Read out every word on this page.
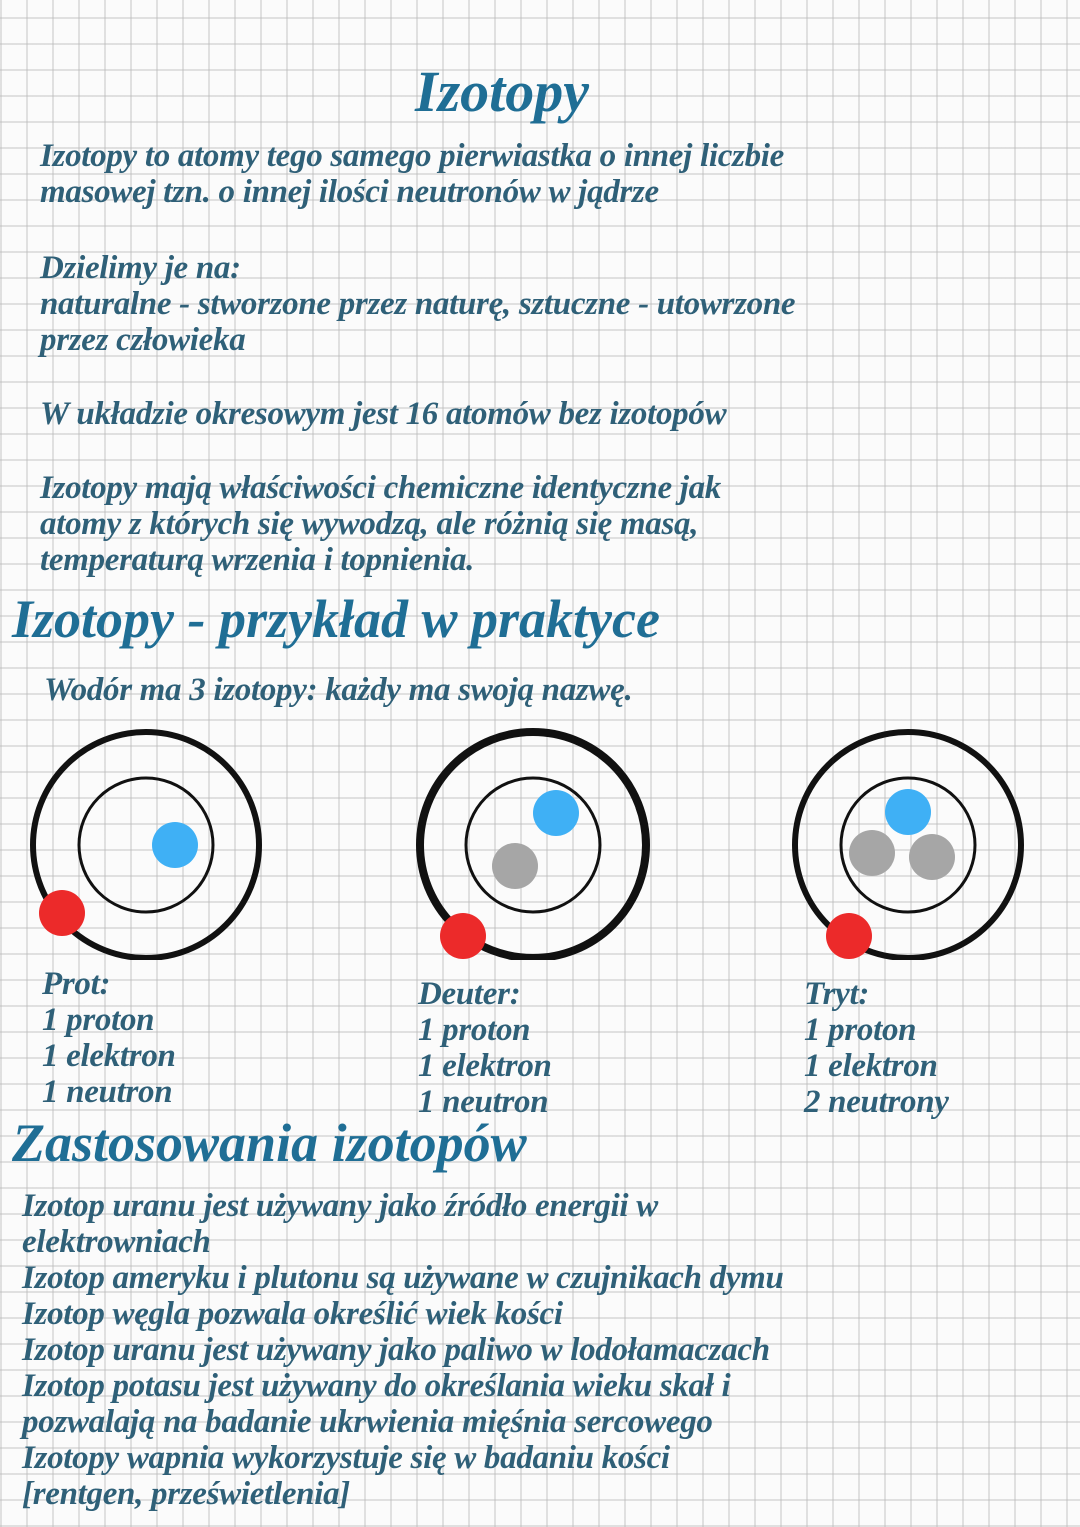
Izotopy
Izotopy to atomy tego samego pierwiastka o innej liczbie
masowej tzn. o innej ilości neutronów w jądrze
Dzielimy je na:
naturalne - stworzone przez naturę, sztuczne - utowrzone
przez człowieka
W układzie okresowym jest 16 atomów bez izotopów
Izotopy mają właściwości chemiczne identyczne jak
atomy z których się wywodzą, ale różnią się masą,
temperaturą wrzenia i topnienia.
Izotopy - przykład w praktyce
Wodór ma 3 izotopy: każdy ma swoją nazwę.
Prot:
1 proton
1 elektron
1 neutron
Deuter:
1 proton
1 elektron
1 neutron
Tryt:
1 proton
1 elektron
2 neutrony
Zastosowania izotopów
Izotop uranu jest używany jako źródło energii w
elektrowniach
Izotop ameryku i plutonu są używane w czujnikach dymu
Izotop węgla pozwala określić wiek kości
Izotop uranu jest używany jako paliwo w lodołamaczach
Izotop potasu jest używany do określania wieku skał i
pozwalają na badanie ukrwienia mięśnia sercowego
Izotopy wapnia wykorzystuje się w badaniu kości
[rentgen, prześwietlenia]
